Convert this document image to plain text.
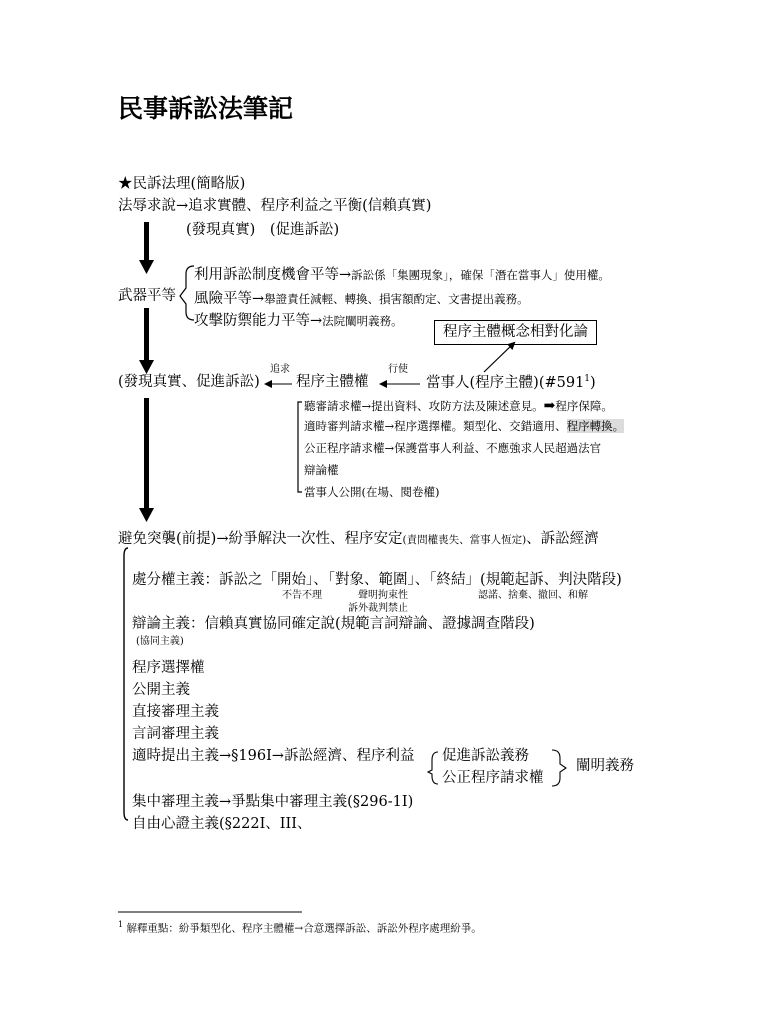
民事訴訟法筆記
★民訴法理(簡略版)
法辱求說→追求實體、程序利益之平衡(信賴真實)
(發現真實)　(促進訴訟)
武器平等
利用訴訟制度機會平等→訴訟係「集團現象」，確保「潛在當事人」使用權。
風險平等→舉證責任減輕、轉換、損害額酌定、文書提出義務。
攻擊防禦能力平等→法院闡明義務。
程序主體概念相對化論
(發現真實、促進訴訟)
追求
程序主體權
行使
當事人(程序主體)$(\#591^1)$
聽審請求權→提出資料、攻防方法及陳述意見。➡程序保障。
適時審判請求權→程序選擇權。類型化、交錯適用、程序轉換。
公正程序請求權→保護當事人利益、不應強求人民超過法官
辯論權
當事人公開(在場、閱卷權)
避免突襲(前提)→紛爭解決一次性、程序安定(責問權喪失、當事人恆定)、訴訟經濟
處分權主義：訴訟之「開始」、「對象、範圍」、「終結」(規範起訴、判決階段)
不告不理	聲明拘束性
訴外裁判禁止
認諾、捨棄、撤回、和解
辯論主義：信賴真實協同確定說(規範言詞辯論、證據調查階段)
(協同主義)
程序選擇權
公開主義
直接審理主義
言詞審理主義
適時提出主義→§196I→訴訟經濟、程序利益 促進訴訟義務
公正程序請求權
闡明義務
集中審理主義→爭點集中審理主義(§296-1I)
自由心證主義(§222I、III、
$^1$ 解釋重點：紛爭類型化、程序主體權→合意選擇訴訟、訴訟外程序處理紛爭。
